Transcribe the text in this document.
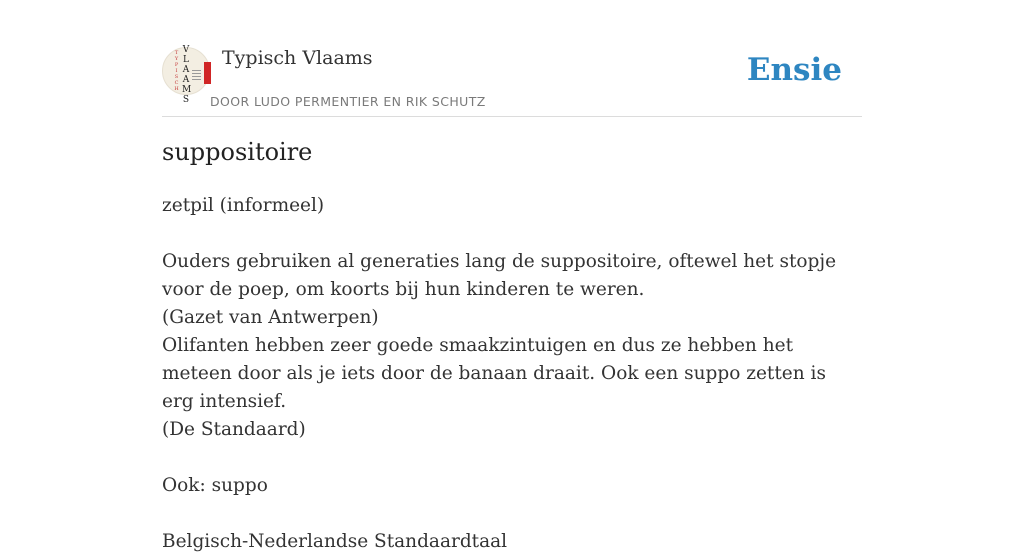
T
Y
P
I
S
C
H
V
L
A
A
M
S
Typisch Vlaams
DOOR LUDO PERMENTIER EN RIK SCHUTZ
Ensie
suppositoire

zetpil (informeel)

Ouders gebruiken al generaties lang de suppositoire, oftewel het stopje voor de poep, om koorts bij hun kinderen te weren.

(Gazet van Antwerpen)

Olifanten hebben zeer goede smaakzintuigen en dus ze hebben het meteen door als je iets door de banaan draait. Ook een suppo zetten is erg intensief.

(De Standaard)

Ook: suppo

Belgisch-Nederlandse Standaardtaal
